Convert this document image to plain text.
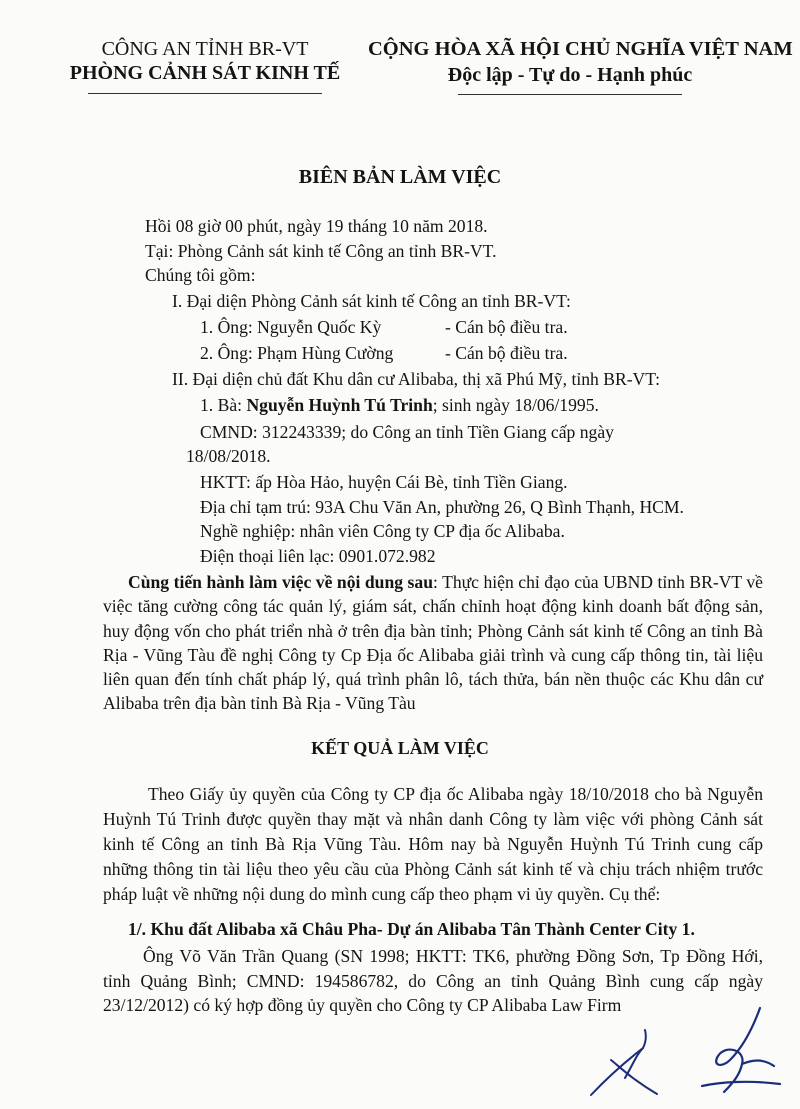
CÔNG AN TỈNH BR-VT
PHÒNG CẢNH SÁT KINH TẾ
CỘNG HÒA XÃ HỘI CHỦ NGHĨA VIỆT NAM
Độc lập - Tự do - Hạnh phúc
BIÊN BẢN LÀM VIỆC
Hồi 08 giờ 00 phút, ngày 19 tháng 10 năm 2018.
Tại: Phòng Cảnh sát kinh tế Công an tỉnh BR-VT.
Chúng tôi gồm:
I. Đại diện Phòng Cảnh sát kinh tế Công an tỉnh BR-VT:
1. Ông: Nguyễn Quốc Kỳ	- Cán bộ điều tra.
2. Ông: Phạm Hùng Cường	- Cán bộ điều tra.
II. Đại diện chủ đất Khu dân cư Alibaba, thị xã Phú Mỹ, tỉnh BR-VT:
1. Bà: Nguyễn Huỳnh Tú Trinh; sinh ngày 18/06/1995.
CMND: 312243339; do Công an tỉnh Tiền Giang cấp ngày
18/08/2018.
HKTT: ấp Hòa Hảo, huyện Cái Bè, tỉnh Tiền Giang.
Địa chỉ tạm trú: 93A Chu Văn An, phường 26, Q Bình Thạnh, HCM.
Nghề nghiệp: nhân viên Công ty CP địa ốc Alibaba.
Điện thoại liên lạc: 0901.072.982
Cùng tiến hành làm việc về nội dung sau: Thực hiện chỉ đạo của UBND tỉnh BR-VT về việc tăng cường công tác quản lý, giám sát, chấn chỉnh hoạt động kinh doanh bất động sản, huy động vốn cho phát triển nhà ở trên địa bàn tỉnh; Phòng Cảnh sát kinh tế Công an tỉnh Bà Rịa - Vũng Tàu đề nghị Công ty Cp Địa ốc Alibaba giải trình và cung cấp thông tin, tài liệu liên quan đến tính chất pháp lý, quá trình phân lô, tách thửa, bán nền thuộc các Khu dân cư Alibaba trên địa bàn tỉnh Bà Rịa - Vũng Tàu
KẾT QUẢ LÀM VIỆC
Theo Giấy ủy quyền của Công ty CP địa ốc Alibaba ngày 18/10/2018 cho bà Nguyễn Huỳnh Tú Trinh được quyền thay mặt và nhân danh Công ty làm việc với phòng Cảnh sát kinh tế Công an tỉnh Bà Rịa Vũng Tàu. Hôm nay bà Nguyễn Huỳnh Tú Trinh cung cấp những thông tin tài liệu theo yêu cầu của Phòng Cảnh sát kinh tế và chịu trách nhiệm trước pháp luật về những nội dung do mình cung cấp theo phạm vi ủy quyền. Cụ thể:
1/. Khu đất Alibaba xã Châu Pha- Dự án Alibaba Tân Thành Center City 1.
Ông Võ Văn Trần Quang (SN 1998; HKTT: TK6, phường Đồng Sơn, Tp Đồng Hới, tỉnh Quảng Bình; CMND: 194586782, do Công an tỉnh Quảng Bình cung cấp ngày 23/12/2012) có ký hợp đồng ủy quyền cho Công ty CP Alibaba Law Firm
